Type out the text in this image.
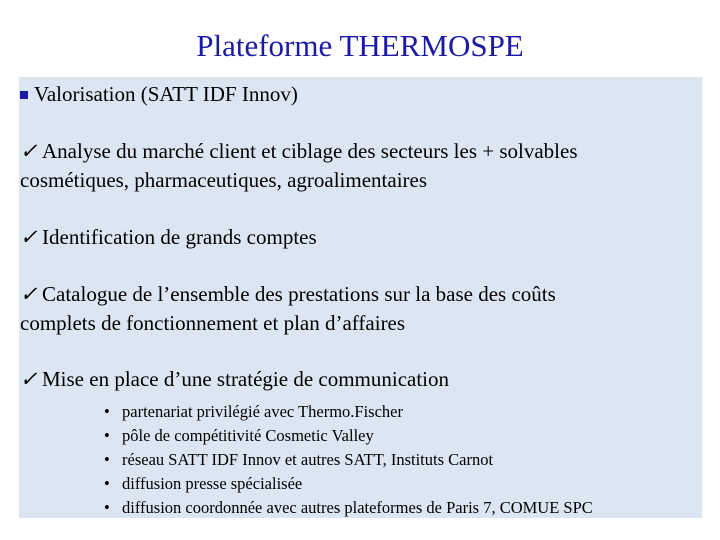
Plateforme THERMOSPE
Valorisation (SATT IDF Innov)
✓ Analyse du marché client et ciblage des secteurs les + solvables
cosmétiques, pharmaceutiques, agroalimentaires
✓ Identification de grands comptes
✓ Catalogue de l’ensemble des prestations sur la base des coûts
complets de fonctionnement et plan d’affaires
✓ Mise en place d’une stratégie de communication
• partenariat privilégié avec Thermo.Fischer
• pôle de compétitivité Cosmetic Valley
• réseau SATT IDF Innov et autres SATT, Instituts Carnot
• diffusion presse spécialisée
• diffusion coordonnée avec autres plateformes de Paris 7, COMUE SPC
